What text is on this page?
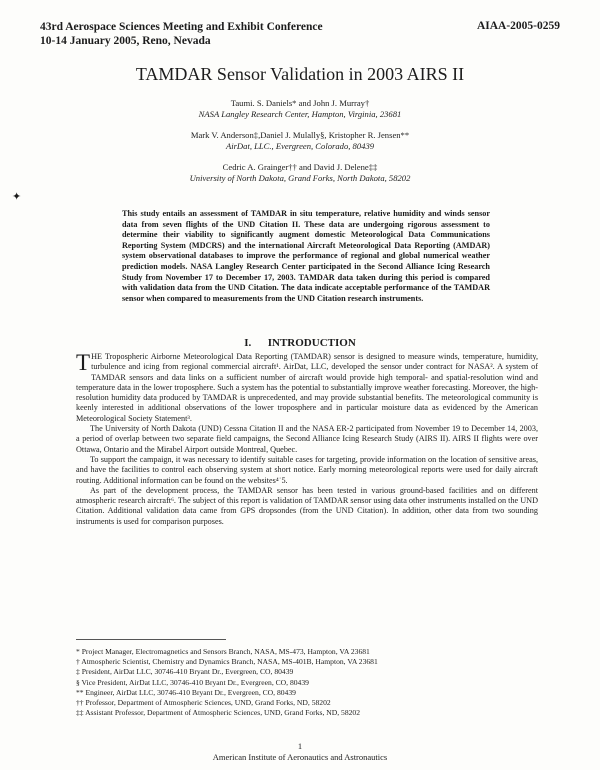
43rd Aerospace Sciences Meeting and Exhibit Conference
10-14 January 2005, Reno, Nevada
AIAA-2005-0259
✦
TAMDAR Sensor Validation in 2003 AIRS II
Taumi. S. Daniels* and John J. Murray†
NASA Langley Research Center, Hampton, Virginia, 23681
Mark V. Anderson‡,Daniel J. Mulally§, Kristopher R. Jensen**
AirDat, LLC., Evergreen, Colorado, 80439
Cedric A. Grainger†† and David J. Delene‡‡
University of North Dakota, Grand Forks, North Dakota, 58202
This study entails an assessment of TAMDAR in situ temperature, relative humidity and winds sensor data from seven flights of the UND Citation II. These data are undergoing rigorous assessment to determine their viability to significantly augment domestic Meteorological Data Communications Reporting System (MDCRS) and the international Aircraft Meteorological Data Reporting (AMDAR) system observational databases to improve the performance of regional and global numerical weather prediction models. NASA Langley Research Center participated in the Second Alliance Icing Research Study from November 17 to December 17, 2003. TAMDAR data taken during this period is compared with validation data from the UND Citation. The data indicate acceptable performance of the TAMDAR sensor when compared to measurements from the UND Citation research instruments.
I. INTRODUCTION

THE Tropospheric Airborne Meteorological Data Reporting (TAMDAR) sensor is designed to measure winds, temperature, humidity, turbulence and icing from regional commercial aircraft¹. AirDat, LLC, developed the sensor under contract for NASA². A system of TAMDAR sensors and data links on a sufficient number of aircraft would provide high temporal- and spatial-resolution wind and temperature data in the lower troposphere. Such a system has the potential to substantially improve weather forecasting. Moreover, the high-resolution humidity data produced by TAMDAR is unprecedented, and may provide substantial benefits. The meteorological community is keenly interested in additional observations of the lower troposphere and in particular moisture data as evidenced by the American Meteorological Society Statement³.

The University of North Dakota (UND) Cessna Citation II and the NASA ER-2 participated from November 19 to December 14, 2003, a period of overlap between two separate field campaigns, the Second Alliance Icing Research Study (AIRS II). AIRS II flights were over Ottawa, Ontario and the Mirabel Airport outside Montreal, Quebec.

To support the campaign, it was necessary to identify suitable cases for targeting, provide information on the location of sensitive areas, and have the facilities to control each observing system at short notice. Early morning meteorological reports were used for daily aircraft routing. Additional information can be found on the websites⁴˙5.

As part of the development process, the TAMDAR sensor has been tested in various ground-based facilities and on different atmospheric research aircraft⁶. The subject of this report is validation of TAMDAR sensor using data other instruments installed on the UND Citation. Additional validation data came from GPS dropsondes (from the UND Citation). In addition, other data from two sounding instruments is used for comparison purposes.

* Project Manager, Electromagnetics and Sensors Branch, NASA, MS-473, Hampton, VA 23681
† Atmospheric Scientist, Chemistry and Dynamics Branch, NASA, MS-401B, Hampton, VA 23681
‡ President, AirDat LLC, 30746-410 Bryant Dr., Evergreen, CO, 80439
§ Vice President, AirDat LLC, 30746-410 Bryant Dr., Evergreen, CO, 80439
** Engineer, AirDat LLC, 30746-410 Bryant Dr., Evergreen, CO, 80439
†† Professor, Department of Atmospheric Sciences, UND, Grand Forks, ND, 58202
‡‡ Assistant Professor, Department of Atmospheric Sciences, UND, Grand Forks, ND, 58202
1
American Institute of Aeronautics and Astronautics
